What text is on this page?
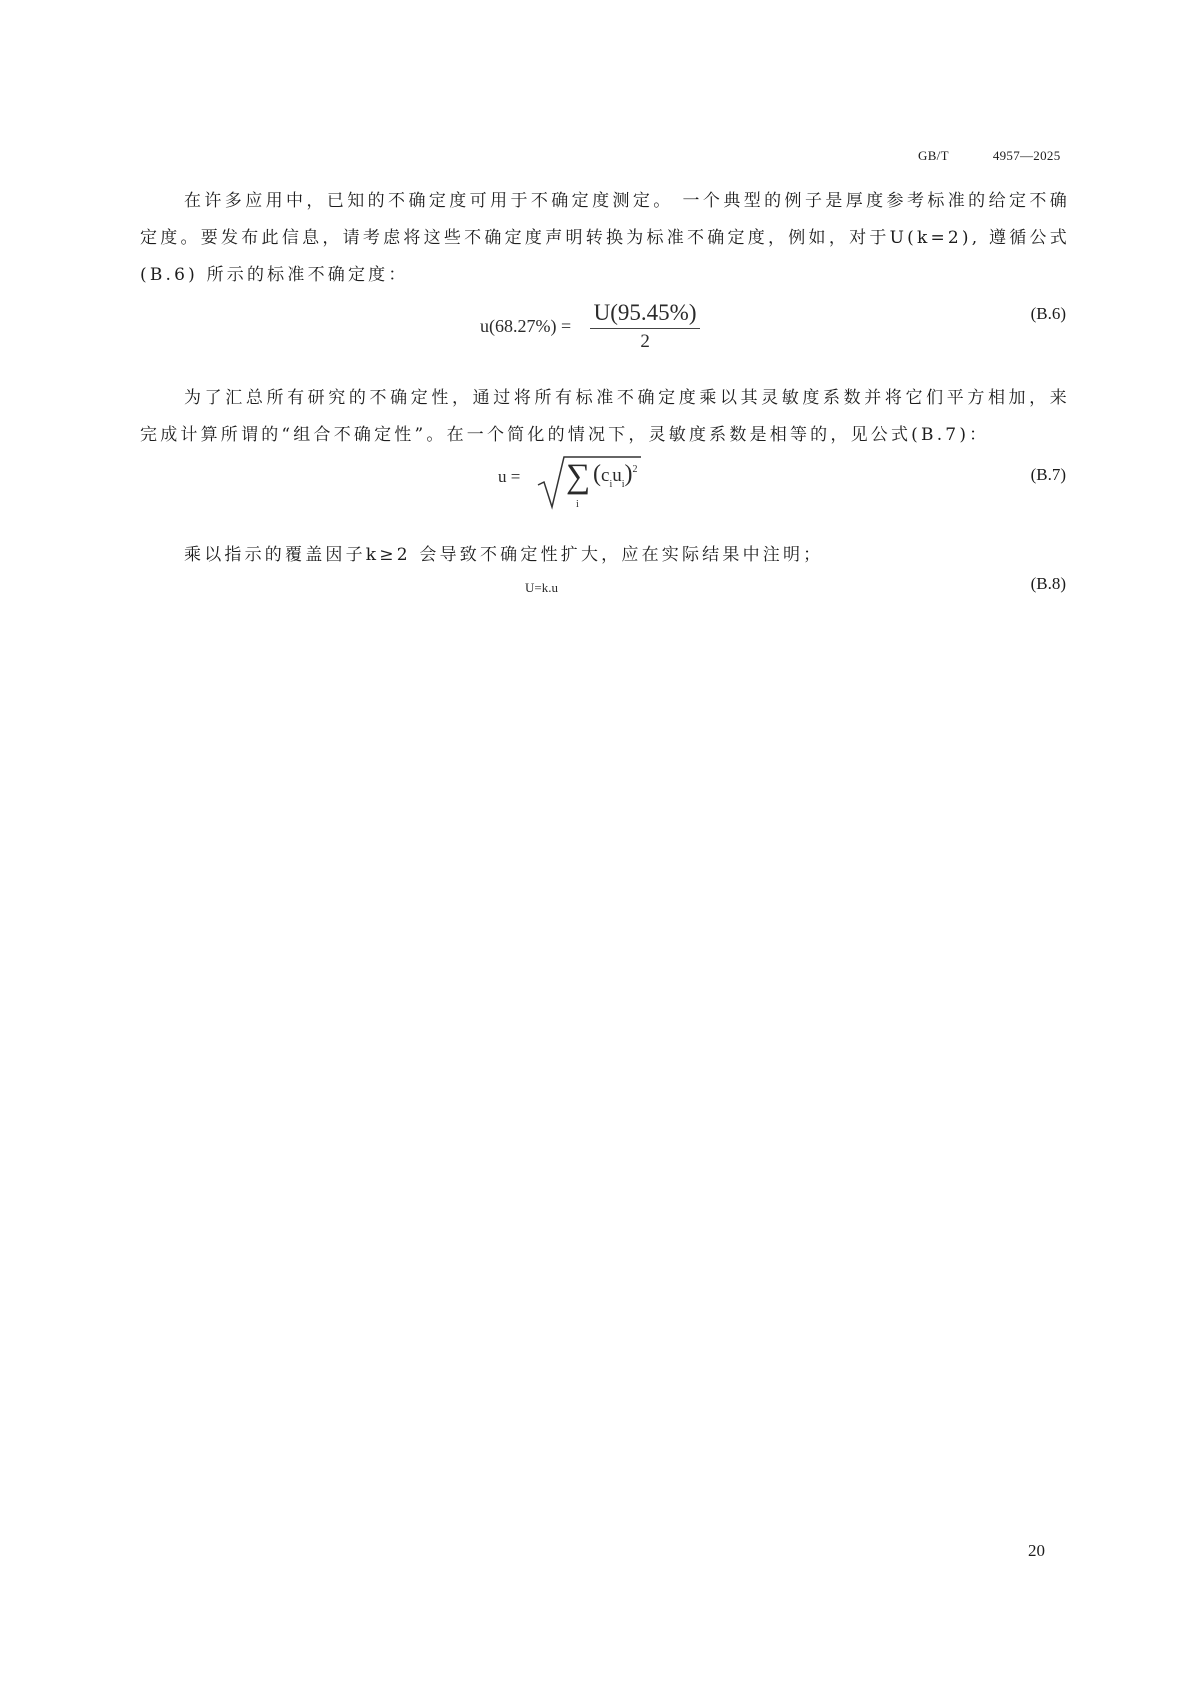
GB/T	4957—2025

在许多应用中，已知的不确定度可用于不确定度测定。 一个典型的例子是厚度参考标准的给定不确定度。要发布此信息，请考虑将这些不确定度声明转换为标准不确定度，例如，对于U(k=2), 遵循公式 (B.6) 所示的标准不确定度：

$u(68.27\%) = \frac{U(95.45\%)}{2}$	(B.6)

为了汇总所有研究的不确定性，通过将所有标准不确定度乘以其灵敏度系数并将它们平方相加，来完成计算所谓的“组合不确定性”。在一个简化的情况下，灵敏度系数是相等的，见公式(B.7)：

u = ∑
i
$(c_iu_i)^2$	(B.7)

乘以指示的覆盖因子k≥2 会导致不确定性扩大，应在实际结果中注明；

U=k.u	(B.8)
20
